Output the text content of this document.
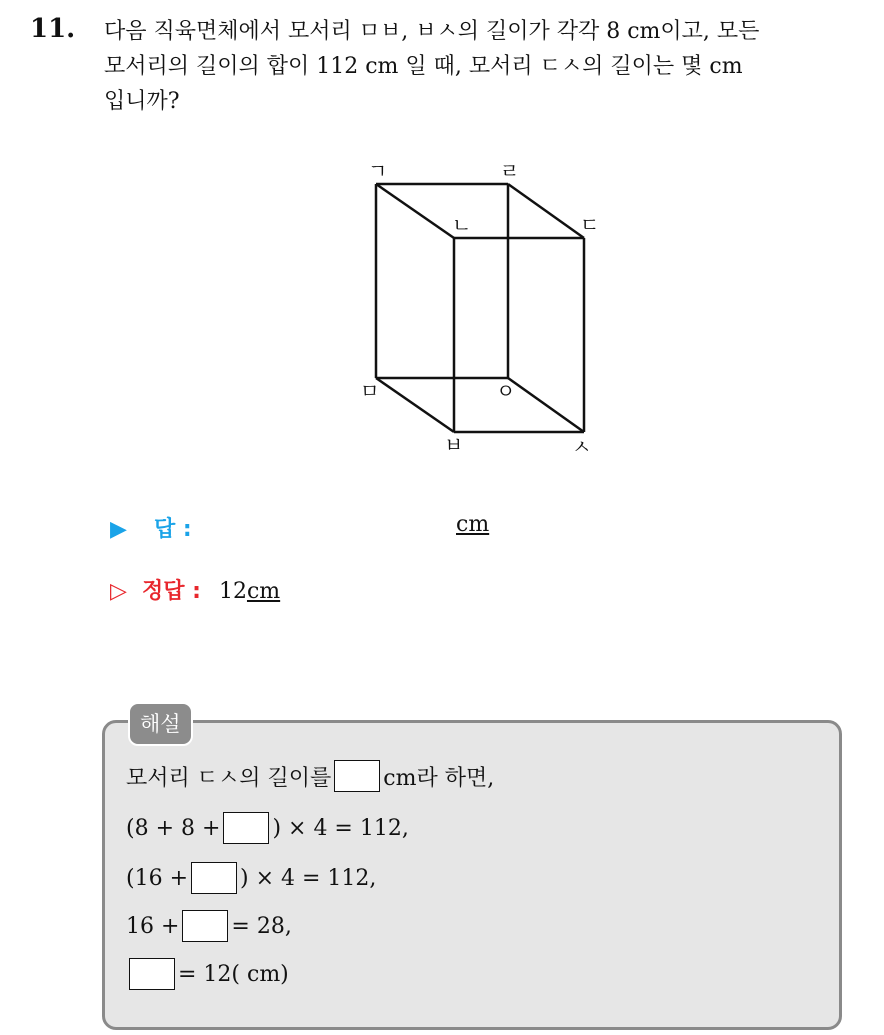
11. 다음 직육면체에서 모서리 ㅁㅂ, ㅂㅅ의 길이가 각각 8 cm이고, 모든
모서리의 길이의 합이 112 cm 일 때, 모서리 ㄷㅅ의 길이는 몇 cm
입니까?
ㄱ	ㄹ
ㄴ	ㄷ
ㅁ	ㅇ
ㅂ	ㅅ
▶ 답 :	cm
▷ 정답 : 12cm
해설
모서리 ㄷㅅ의 길이를 cm라 하면,
(8 + 8 + ) × 4 = 112,
(16 + ) × 4 = 112,
16 + = 28,
= 12( cm)
